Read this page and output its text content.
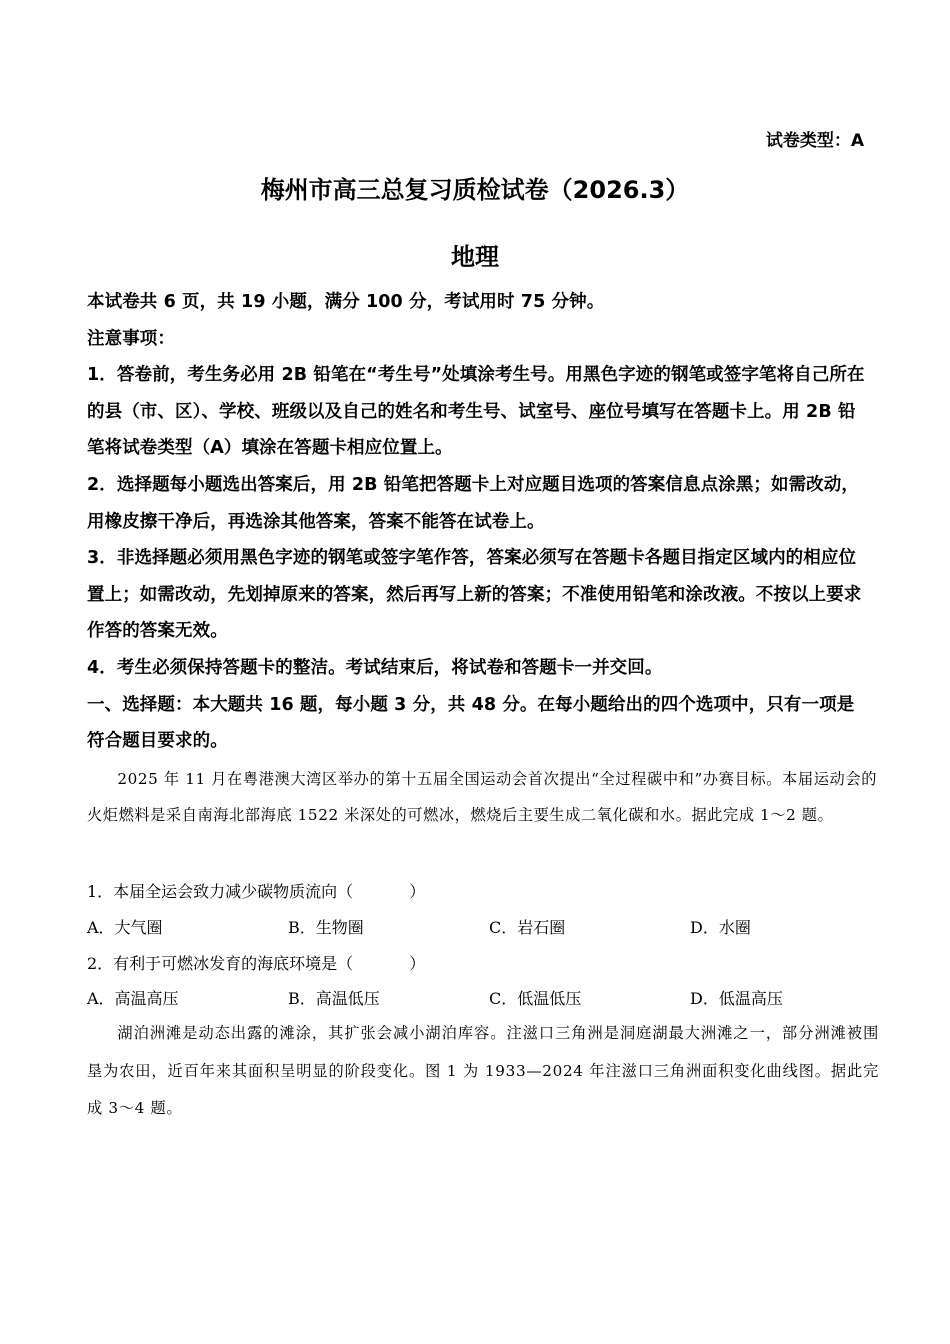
试卷类型：A
梅州市高三总复习质检试卷（2026.3）
地理

本试卷共 6 页，共 19 小题，满分 100 分，考试用时 75 分钟。

注意事项：

1．答卷前，考生务必用 2B 铅笔在“考生号”处填涂考生号。用黑色字迹的钢笔或签字笔将自己所在的县（市、区）、学校、班级以及自己的姓名和考生号、试室号、座位号填写在答题卡上。用 2B 铅笔将试卷类型（A）填涂在答题卡相应位置上。

2．选择题每小题选出答案后，用 2B 铅笔把答题卡上对应题目选项的答案信息点涂黑；如需改动，用橡皮擦干净后，再选涂其他答案，答案不能答在试卷上。

3．非选择题必须用黑色字迹的钢笔或签字笔作答，答案必须写在答题卡各题目指定区域内的相应位置上；如需改动，先划掉原来的答案，然后再写上新的答案；不准使用铅笔和涂改液。不按以上要求作答的答案无效。

4．考生必须保持答题卡的整洁。考试结束后，将试卷和答题卡一并交回。

一、选择题：本大题共 16 题，每小题 3 分，共 48 分。在每小题给出的四个选项中，只有一项是符合题目要求的。

2025 年 11 月在粤港澳大湾区举办的第十五届全国运动会首次提出“全过程碳中和”办赛目标。本届运动会的火炬燃料是采自南海北部海底 1522 米深处的可燃冰，燃烧后主要生成二氧化碳和水。据此完成 1～2 题。

1．本届全运会致力减少碳物质流向（	）
A．大气圈	B．生物圈	C．岩石圈	D．水圈
2．有利于可燃冰发育的海底环境是（	）
A．高温高压	B．高温低压	C．低温低压	D．低温高压

湖泊洲滩是动态出露的滩涂，其扩张会减小湖泊库容。注滋口三角洲是洞庭湖最大洲滩之一，部分洲滩被围垦为农田，近百年来其面积呈明显的阶段变化。图 1 为 1933—2024 年注滋口三角洲面积变化曲线图。据此完成 3～4 题。
